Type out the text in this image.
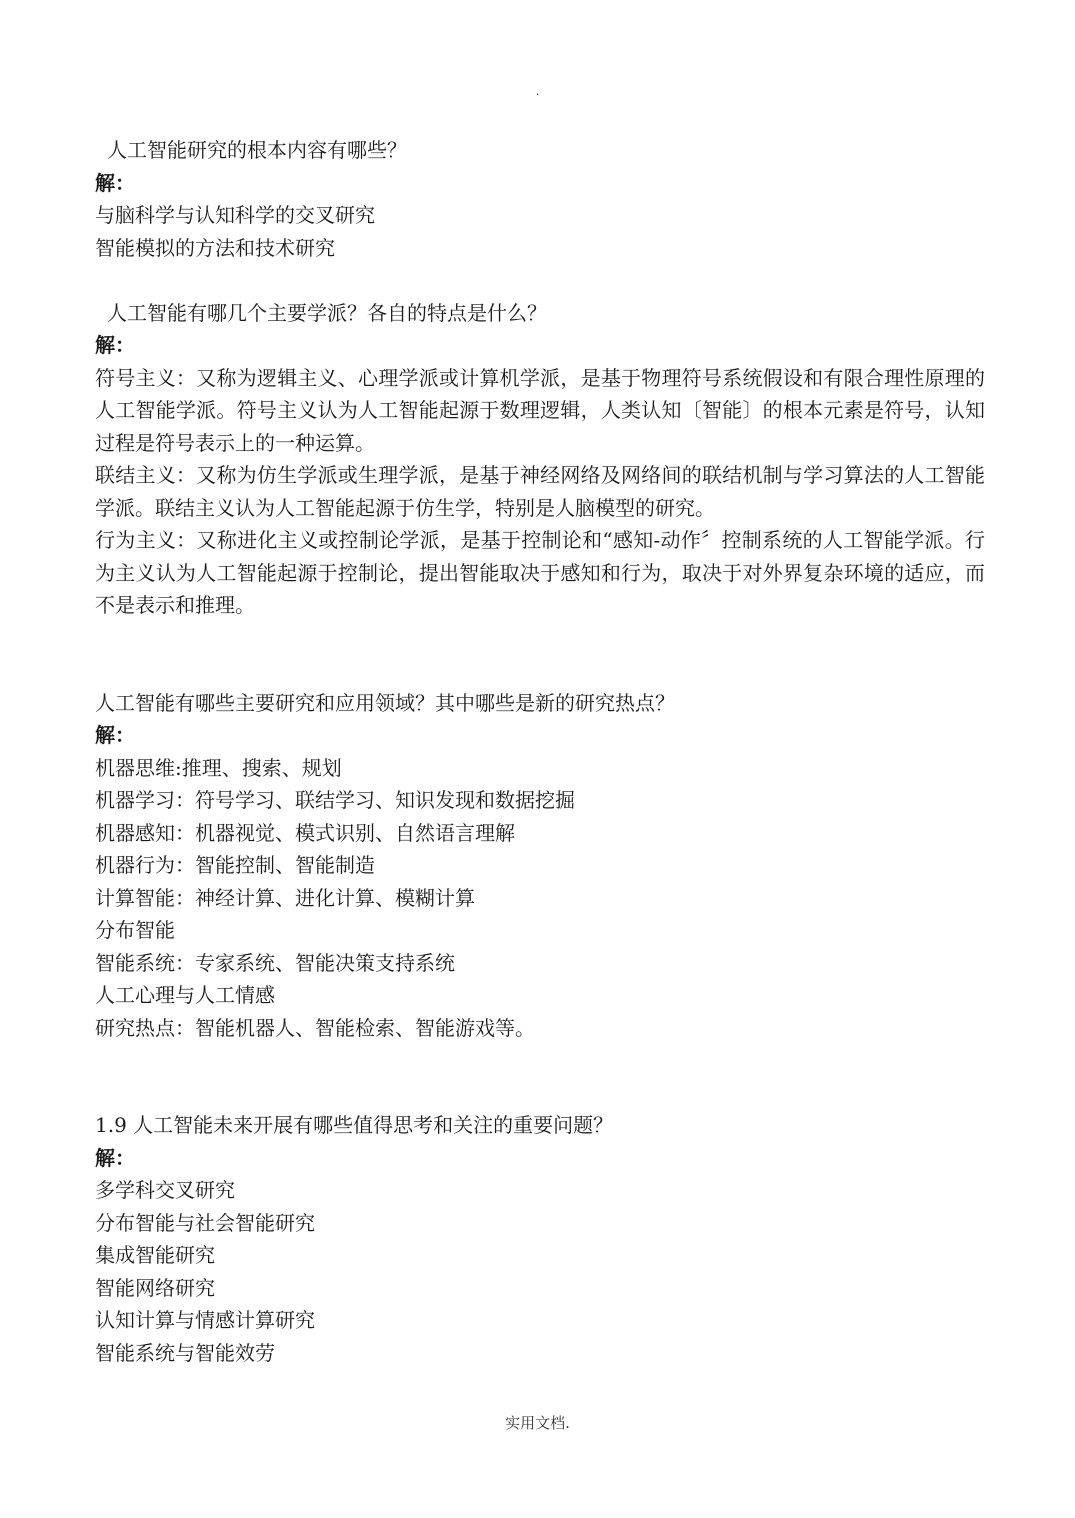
.

人工智能研究的根本内容有哪些？

解：

与脑科学与认知科学的交叉研究

智能模拟的方法和技术研究

人工智能有哪几个主要学派？各自的特点是什么？

解：

符号主义：又称为逻辑主义、心理学派或计算机学派，是基于物理符号系统假设和有限合理性原理的人工智能学派。符号主义认为人工智能起源于数理逻辑，人类认知〔智能〕的根本元素是符号，认知过程是符号表示上的一种运算。

联结主义：又称为仿生学派或生理学派，是基于神经网络及网络间的联结机制与学习算法的人工智能学派。联结主义认为人工智能起源于仿生学，特别是人脑模型的研究。

行为主义：又称进化主义或控制论学派，是基于控制论和“感知-动作〞控制系统的人工智能学派。行为主义认为人工智能起源于控制论，提出智能取决于感知和行为，取决于对外界复杂环境的适应，而不是表示和推理。

人工智能有哪些主要研究和应用领域？其中哪些是新的研究热点？

解：

机器思维:推理、搜索、规划

机器学习：符号学习、联结学习、知识发现和数据挖掘

机器感知：机器视觉、模式识别、自然语言理解

机器行为：智能控制、智能制造

计算智能：神经计算、进化计算、模糊计算

分布智能

智能系统：专家系统、智能决策支持系统

人工心理与人工情感

研究热点：智能机器人、智能检索、智能游戏等。

1.9 人工智能未来开展有哪些值得思考和关注的重要问题？

解：

多学科交叉研究

分布智能与社会智能研究

集成智能研究

智能网络研究

认知计算与情感计算研究

智能系统与智能效劳

实用文档.
